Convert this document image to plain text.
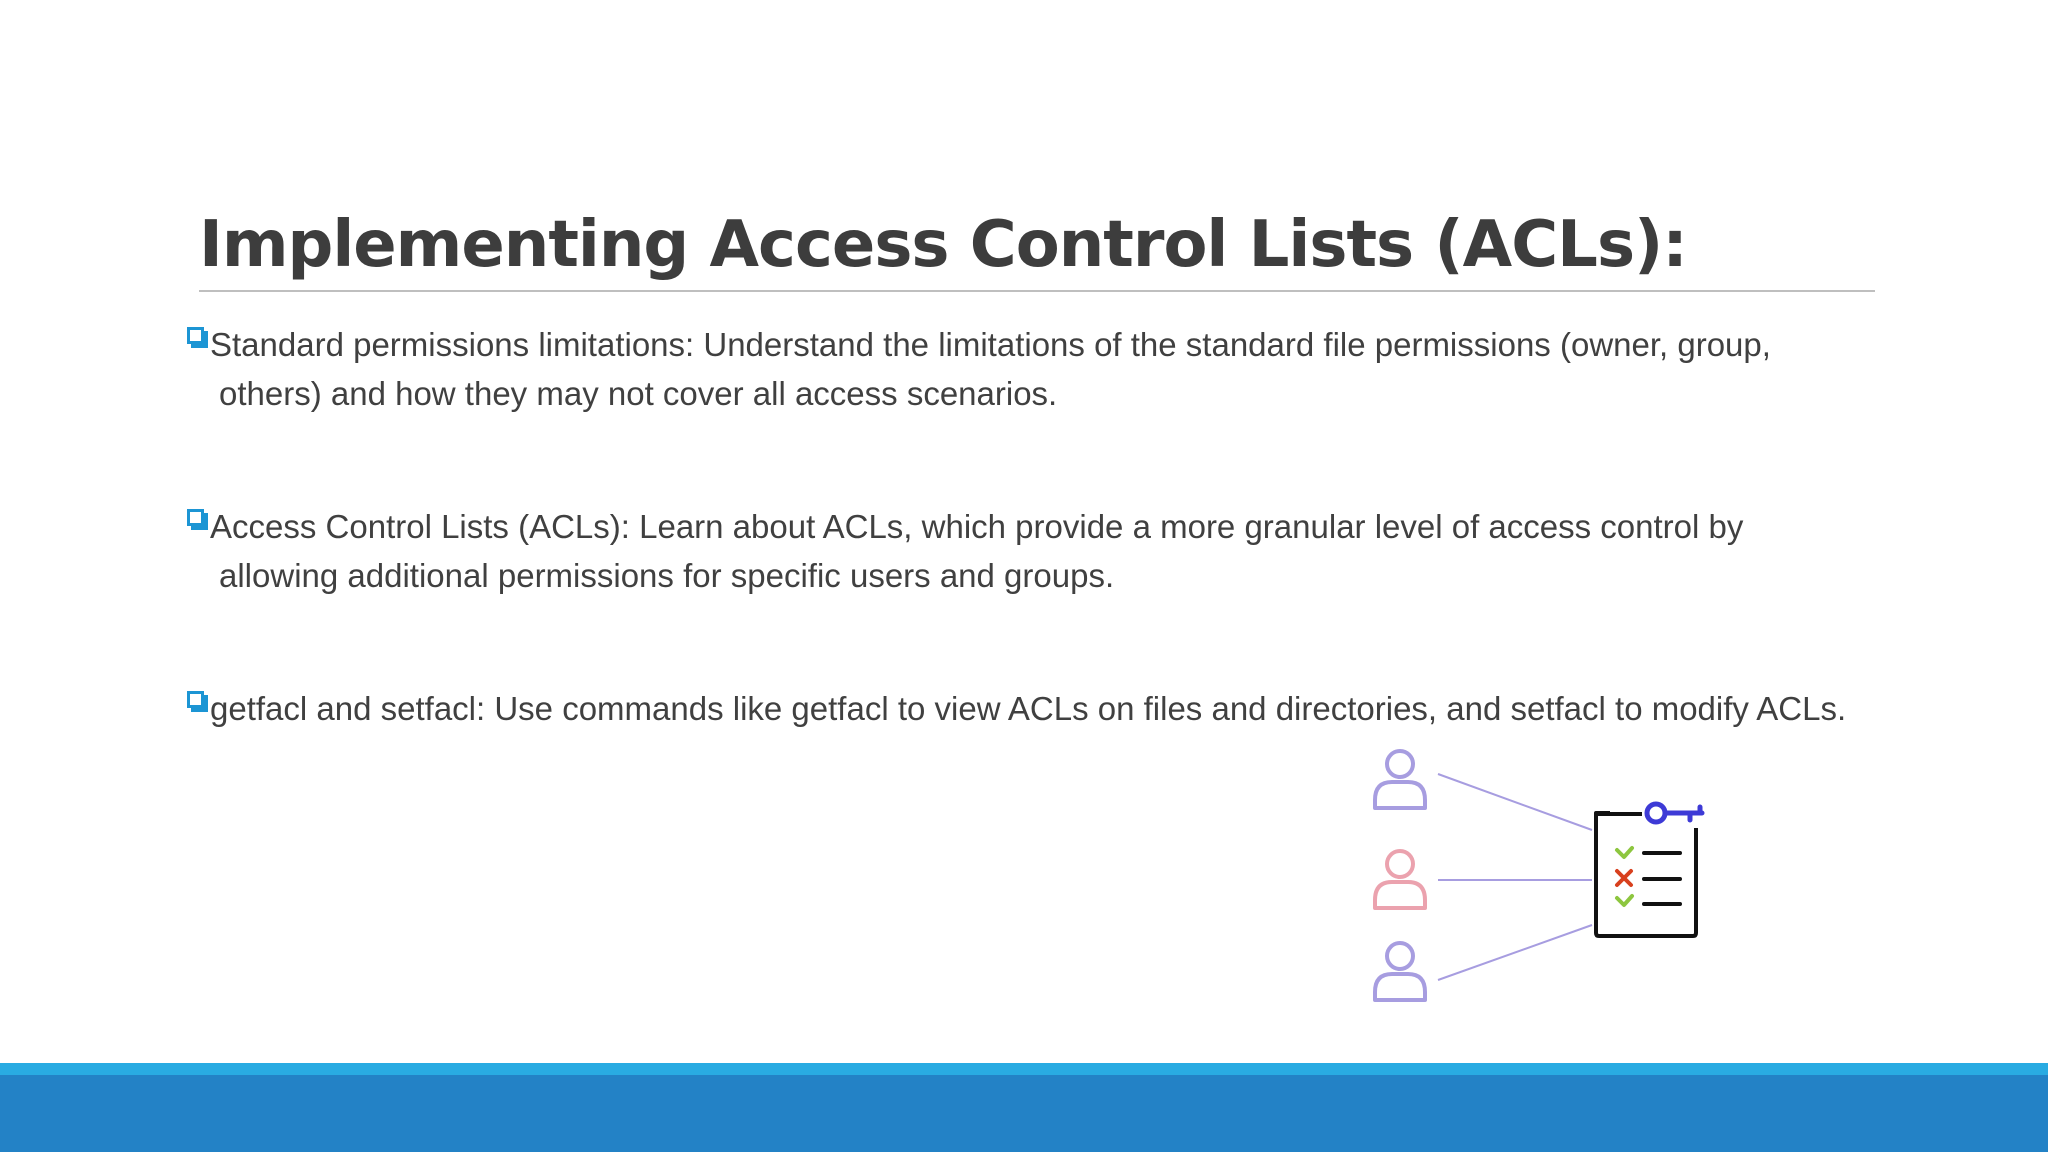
Implementing Access Control Lists (ACLs):
Standard permissions limitations: Understand the limitations of the standard file permissions (owner, group, others) and how they may not cover all access scenarios.
Access Control Lists (ACLs): Learn about ACLs, which provide a more granular level of access control by allowing additional permissions for specific users and groups.
getfacl and setfacl: Use commands like getfacl to view ACLs on files and directories, and setfacl to modify ACLs.
